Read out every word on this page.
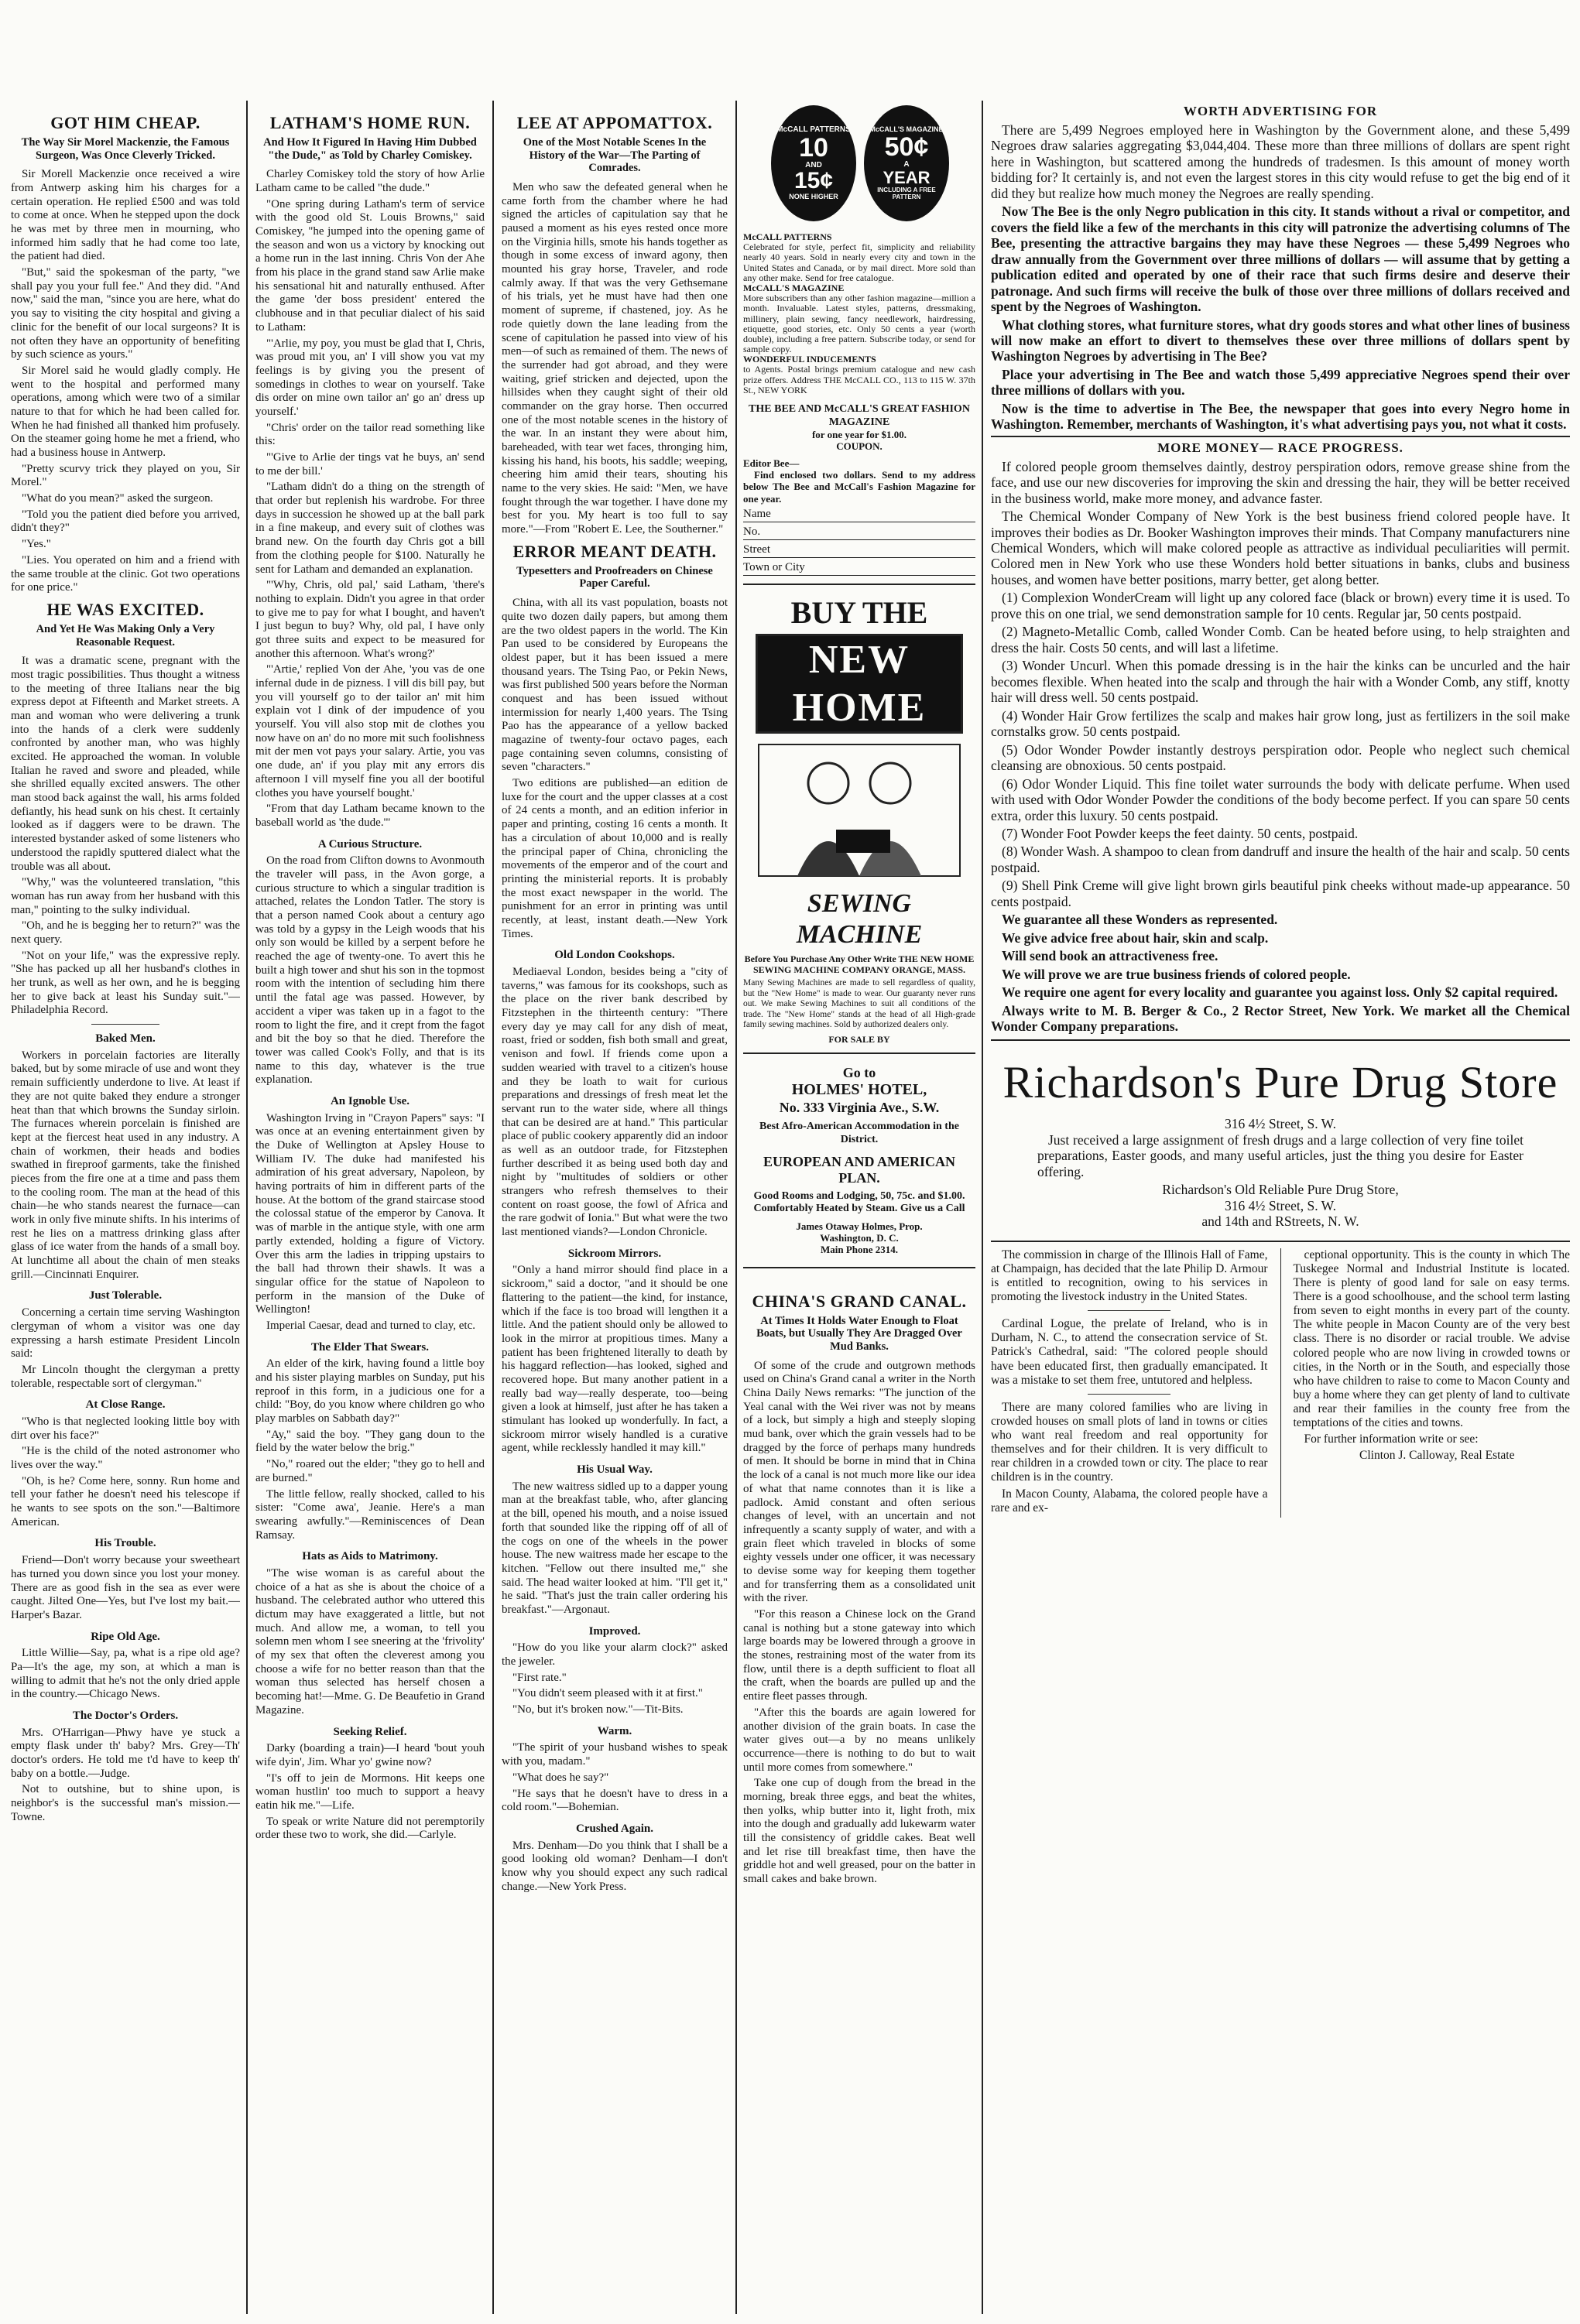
GOT HIM CHEAP.
The Way Sir Morel Mackenzie, the Famous Surgeon, Was Once Cleverly Tricked.

Sir Morell Mackenzie once received a wire from Antwerp asking him his charges for a certain operation. He replied £500 and was told to come at once. When he stepped upon the dock he was met by three men in mourning, who informed him sadly that he had come too late, the patient had died.

"But," said the spokesman of the party, "we shall pay you your full fee." And they did. "And now," said the man, "since you are here, what do you say to visiting the city hospital and giving a clinic for the benefit of our local surgeons? It is not often they have an opportunity of benefiting by such science as yours."

Sir Morel said he would gladly comply. He went to the hospital and performed many operations, among which were two of a similar nature to that for which he had been called for. When he had finished all thanked him profusely. On the steamer going home he met a friend, who had a business house in Antwerp.

"Pretty scurvy trick they played on you, Sir Morel."

"What do you mean?" asked the surgeon.

"Told you the patient died before you arrived, didn't they?"

"Yes."

"Lies. You operated on him and a friend with the same trouble at the clinic. Got two operations for one price."

HE WAS EXCITED.
And Yet He Was Making Only a Very Reasonable Request.

It was a dramatic scene, pregnant with the most tragic possibilities. Thus thought a witness to the meeting of three Italians near the big express depot at Fifteenth and Market streets. A man and woman who were delivering a trunk into the hands of a clerk were suddenly confronted by another man, who was highly excited. He approached the woman. In voluble Italian he raved and swore and pleaded, while she shrilled equally excited answers. The other man stood back against the wall, his arms folded defiantly, his head sunk on his chest. It certainly looked as if daggers were to be drawn. The interested bystander asked of some listeners who understood the rapidly sputtered dialect what the trouble was all about.

"Why," was the volunteered translation, "this woman has run away from her husband with this man," pointing to the sulky individual.

"Oh, and he is begging her to return?" was the next query.

"Not on your life," was the expressive reply. "She has packed up all her husband's clothes in her trunk, as well as her own, and he is begging her to give back at least his Sunday suit."—Philadelphia Record.

Baked Men.

Workers in porcelain factories are literally baked, but by some miracle of use and wont they remain sufficiently underdone to live. At least if they are not quite baked they endure a stronger heat than that which browns the Sunday sirloin. The furnaces wherein porcelain is finished are kept at the fiercest heat used in any industry. A chain of workmen, their heads and bodies swathed in fireproof garments, take the finished pieces from the fire one at a time and pass them to the cooling room. The man at the head of this chain—he who stands nearest the furnace—can work in only five minute shifts. In his interims of rest he lies on a mattress drinking glass after glass of ice water from the hands of a small boy. At lunchtime all about the chain of men steaks grill.—Cincinnati Enquirer.

Just Tolerable.

Concerning a certain time serving Washington clergyman of whom a visitor was one day expressing a harsh estimate President Lincoln said:

Mr Lincoln thought the clergyman a pretty tolerable, respectable sort of clergyman."

At Close Range.

"Who is that neglected looking little boy with dirt over his face?"

"He is the child of the noted astronomer who lives over the way."

"Oh, is he? Come here, sonny. Run home and tell your father he doesn't need his telescope if he wants to see spots on the son."—Baltimore American.

His Trouble.

Friend—Don't worry because your sweetheart has turned you down since you lost your money. There are as good fish in the sea as ever were caught. Jilted One—Yes, but I've lost my bait.—Harper's Bazar.

Ripe Old Age.

Little Willie—Say, pa, what is a ripe old age? Pa—It's the age, my son, at which a man is willing to admit that he's not the only dried apple in the country.—Chicago News.

The Doctor's Orders.

Mrs. O'Harrigan—Phwy have ye stuck a empty flask under th' baby? Mrs. Grey—Th' doctor's orders. He told me t'd have to keep th' baby on a bottle.—Judge.

Not to outshine, but to shine upon, is neighbor's is the successful man's mission.—Towne.

LATHAM'S HOME RUN.
And How It Figured In Having Him Dubbed "the Dude," as Told by Charley Comiskey.

Charley Comiskey told the story of how Arlie Latham came to be called "the dude."

"One spring during Latham's term of service with the good old St. Louis Browns," said Comiskey, "he jumped into the opening game of the season and won us a victory by knocking out a home run in the last inning. Chris Von der Ahe from his place in the grand stand saw Arlie make his sensational hit and naturally enthused. After the game 'der boss president' entered the clubhouse and in that peculiar dialect of his said to Latham:

"'Arlie, my poy, you must be glad that I, Chris, was proud mit you, an' I vill show you vat my feelings is by giving you the present of somedings in clothes to wear on yourself. Take dis order on mine own tailor an' go an' dress up yourself.'

"Chris' order on the tailor read something like this:

"'Give to Arlie der tings vat he buys, an' send to me der bill.'

"Latham didn't do a thing on the strength of that order but replenish his wardrobe. For three days in succession he showed up at the ball park in a fine makeup, and every suit of clothes was brand new. On the fourth day Chris got a bill from the clothing people for $100. Naturally he sent for Latham and demanded an explanation.

"'Why, Chris, old pal,' said Latham, 'there's nothing to explain. Didn't you agree in that order to give me to pay for what I bought, and haven't I just begun to buy? Why, old pal, I have only got three suits and expect to be measured for another this afternoon. What's wrong?'

"'Artie,' replied Von der Ahe, 'you vas de one infernal dude in de pizness. I vill dis bill pay, but you vill yourself go to der tailor an' mit him explain vot I dink of der impudence of you yourself. You vill also stop mit de clothes you now have on an' do no more mit such foolishness mit der men vot pays your salary. Artie, you vas one dude, an' if you play mit any errors dis afternoon I vill myself fine you all der bootiful clothes you have yourself bought.'

"From that day Latham became known to the baseball world as 'the dude.'"

A Curious Structure.

On the road from Clifton downs to Avonmouth the traveler will pass, in the Avon gorge, a curious structure to which a singular tradition is attached, relates the London Tatler. The story is that a person named Cook about a century ago was told by a gypsy in the Leigh woods that his only son would be killed by a serpent before he reached the age of twenty-one. To avert this he built a high tower and shut his son in the topmost room with the intention of secluding him there until the fatal age was passed. However, by accident a viper was taken up in a fagot to the room to light the fire, and it crept from the fagot and bit the boy so that he died. Therefore the tower was called Cook's Folly, and that is its name to this day, whatever is the true explanation.

An Ignoble Use.

Washington Irving in "Crayon Papers" says: "I was once at an evening entertainment given by the Duke of Wellington at Apsley House to William IV. The duke had manifested his admiration of his great adversary, Napoleon, by having portraits of him in different parts of the house. At the bottom of the grand staircase stood the colossal statue of the emperor by Canova. It was of marble in the antique style, with one arm partly extended, holding a figure of Victory. Over this arm the ladies in tripping upstairs to the ball had thrown their shawls. It was a singular office for the statue of Napoleon to perform in the mansion of the Duke of Wellington!

Imperial Caesar, dead and turned to clay, etc.

The Elder That Swears.

An elder of the kirk, having found a little boy and his sister playing marbles on Sunday, put his reproof in this form, in a judicious one for a child: "Boy, do you know where children go who play marbles on Sabbath day?"

"Ay," said the boy. "They gang doun to the field by the water below the brig."

"No," roared out the elder; "they go to hell and are burned."

The little fellow, really shocked, called to his sister: "Come awa', Jeanie. Here's a man swearing awfully."—Reminiscences of Dean Ramsay.

Hats as Aids to Matrimony.

"The wise woman is as careful about the choice of a hat as she is about the choice of a husband. The celebrated author who uttered this dictum may have exaggerated a little, but not much. And allow me, a woman, to tell you solemn men whom I see sneering at the 'frivolity' of my sex that often the cleverest among you choose a wife for no better reason than that the woman thus selected has herself chosen a becoming hat!—Mme. G. De Beaufetio in Grand Magazine.

Seeking Relief.

Darky (boarding a train)—I heard 'bout youh wife dyin', Jim. Whar yo' gwine now?

"I's off to jein de Mormons. Hit keeps one woman hustlin' too much to support a heavy eatin hik me."—Life.

To speak or write Nature did not peremptorily order these two to work, she did.—Carlyle.

LEE AT APPOMATTOX.
One of the Most Notable Scenes In the History of the War—The Parting of Comrades.

Men who saw the defeated general when he came forth from the chamber where he had signed the articles of capitulation say that he paused a moment as his eyes rested once more on the Virginia hills, smote his hands together as though in some excess of inward agony, then mounted his gray horse, Traveler, and rode calmly away. If that was the very Gethsemane of his trials, yet he must have had then one moment of supreme, if chastened, joy. As he rode quietly down the lane leading from the scene of capitulation he passed into view of his men—of such as remained of them. The news of the surrender had got abroad, and they were waiting, grief stricken and dejected, upon the hillsides when they caught sight of their old commander on the gray horse. Then occurred one of the most notable scenes in the history of the war. In an instant they were about him, bareheaded, with tear wet faces, thronging him, kissing his hand, his boots, his saddle; weeping, cheering him amid their tears, shouting his name to the very skies. He said: "Men, we have fought through the war together. I have done my best for you. My heart is too full to say more."—From "Robert E. Lee, the Southerner."

ERROR MEANT DEATH.
Typesetters and Proofreaders on Chinese Paper Careful.

China, with all its vast population, boasts not quite two dozen daily papers, but among them are the two oldest papers in the world. The Kin Pan used to be considered by Europeans the oldest paper, but it has been issued a mere thousand years. The Tsing Pao, or Pekin News, was first published 500 years before the Norman conquest and has been issued without intermission for nearly 1,400 years. The Tsing Pao has the appearance of a yellow backed magazine of twenty-four octavo pages, each page containing seven columns, consisting of seven "characters."

Two editions are published—an edition de luxe for the court and the upper classes at a cost of 24 cents a month, and an edition inferior in paper and printing, costing 16 cents a month. It has a circulation of about 10,000 and is really the principal paper of China, chronicling the movements of the emperor and of the court and printing the ministerial reports. It is probably the most exact newspaper in the world. The punishment for an error in printing was until recently, at least, instant death.—New York Times.

Old London Cookshops.

Mediaeval London, besides being a "city of taverns," was famous for its cookshops, such as the place on the river bank described by Fitzstephen in the thirteenth century: "There every day ye may call for any dish of meat, roast, fried or sodden, fish both small and great, venison and fowl. If friends come upon a sudden wearied with travel to a citizen's house and they be loath to wait for curious preparations and dressings of fresh meat let the servant run to the water side, where all things that can be desired are at hand." This particular place of public cookery apparently did an indoor as well as an outdoor trade, for Fitzstephen further described it as being used both day and night by "multitudes of soldiers or other strangers who refresh themselves to their content on roast goose, the fowl of Africa and the rare godwit of Ionia." But what were the two last mentioned viands?—London Chronicle.

Sickroom Mirrors.

"Only a hand mirror should find place in a sickroom," said a doctor, "and it should be one flattering to the patient—the kind, for instance, which if the face is too broad will lengthen it a little. And the patient should only be allowed to look in the mirror at propitious times. Many a patient has been frightened literally to death by his haggard reflection—has looked, sighed and recovered hope. But many another patient in a really bad way—really desperate, too—being given a look at himself, just after he has taken a stimulant has looked up wonderfully. In fact, a sickroom mirror wisely handled is a curative agent, while recklessly handled it may kill."

His Usual Way.

The new waitress sidled up to a dapper young man at the breakfast table, who, after glancing at the bill, opened his mouth, and a noise issued forth that sounded like the ripping off of all of the cogs on one of the wheels in the power house. The new waitress made her escape to the kitchen. "Fellow out there insulted me," she said. The head waiter looked at him. "I'll get it," he said. "That's just the train caller ordering his breakfast."—Argonaut.

Improved.

"How do you like your alarm clock?" asked the jeweler.

"First rate."

"You didn't seem pleased with it at first."

"No, but it's broken now."—Tit-Bits.

Warm.

"The spirit of your husband wishes to speak with you, madam."

"What does he say?"

"He says that he doesn't have to dress in a cold room."—Bohemian.

Crushed Again.

Mrs. Denham—Do you think that I shall be a good looking old woman? Denham—I don't know why you should expect any such radical change.—New York Press.

McCALL PATTERNS
10
AND
15¢
NONE HIGHER
McCALL'S MAGAZINE
50¢
A
YEAR
INCLUDING A FREE PATTERN
McCALL PATTERNS
Celebrated for style, perfect fit, simplicity and reliability nearly 40 years. Sold in nearly every city and town in the United States and Canada, or by mail direct. More sold than any other make. Send for free catalogue.
McCALL'S MAGAZINE
More subscribers than any other fashion magazine—million a month. Invaluable. Latest styles, patterns, dressmaking, millinery, plain sewing, fancy needlework, hairdressing, etiquette, good stories, etc. Only 50 cents a year (worth double), including a free pattern. Subscribe today, or send for sample copy.
WONDERFUL INDUCEMENTS
to Agents. Postal brings premium catalogue and new cash prize offers. Address THE McCALL CO., 113 to 115 W. 37th St., NEW YORK
THE BEE AND McCALL'S GREAT FASHION MAGAZINE
for one year for $1.00.
COUPON.
Editor Bee—
Find enclosed two dollars. Send to my address below The Bee and McCall's Fashion Magazine for one year.
Name
No.
Street
Town or City
BUY THE
NEW HOME
SEWING MACHINE
Before You Purchase Any Other Write THE NEW HOME SEWING MACHINE COMPANY ORANGE, MASS.
Many Sewing Machines are made to sell regardless of quality, but the "New Home" is made to wear. Our guaranty never runs out. We make Sewing Machines to suit all conditions of the trade. The "New Home" stands at the head of all High-grade family sewing machines. Sold by authorized dealers only.
FOR SALE BY
Go to
HOLMES' HOTEL,
No. 333 Virginia Ave., S.W.
Best Afro-American Accommodation in the District.
EUROPEAN AND AMERICAN PLAN.
Good Rooms and Lodging, 50, 75c. and $1.00. Comfortably Heated by Steam. Give us a Call
James Otaway Holmes, Prop.
Washington, D. C.
Main Phone 2314.
CHINA'S GRAND CANAL.
At Times It Holds Water Enough to Float Boats, but Usually They Are Dragged Over Mud Banks.

Of some of the crude and outgrown methods used on China's Grand canal a writer in the North China Daily News remarks: "The junction of the Yeal canal with the Wei river was not by means of a lock, but simply a high and steeply sloping mud bank, over which the grain vessels had to be dragged by the force of perhaps many hundreds of men. It should be borne in mind that in China the lock of a canal is not much more like our idea of what that name connotes than it is like a padlock. Amid constant and often serious changes of level, with an uncertain and not infrequently a scanty supply of water, and with a grain fleet which traveled in blocks of some eighty vessels under one officer, it was necessary to devise some way for keeping them together and for transferring them as a consolidated unit with the river.

"For this reason a Chinese lock on the Grand canal is nothing but a stone gateway into which large boards may be lowered through a groove in the stones, restraining most of the water from its flow, until there is a depth sufficient to float all the craft, when the boards are pulled up and the entire fleet passes through.

"After this the boards are again lowered for another division of the grain boats. In case the water gives out—a by no means unlikely occurrence—there is nothing to do but to wait until more comes from somewhere."

Take one cup of dough from the bread in the morning, break three eggs, and beat the whites, then yolks, whip butter into it, light froth, mix into the dough and gradually add lukewarm water till the consistency of griddle cakes. Beat well and let rise till breakfast time, then have the griddle hot and well greased, pour on the batter in small cakes and bake brown.

WORTH ADVERTISING FOR

There are 5,499 Negroes employed here in Washington by the Government alone, and these 5,499 Negroes draw salaries aggregating $3,044,404. These more than three millions of dollars are spent right here in Washington, but scattered among the hundreds of tradesmen. Is this amount of money worth bidding for? It certainly is, and not even the largest stores in this city would refuse to get the big end of it did they but realize how much money the Negroes are really spending.

Now The Bee is the only Negro publication in this city. It stands without a rival or competitor, and covers the field like a few of the merchants in this city will patronize the advertising columns of The Bee, presenting the attractive bargains they may have these Negroes — these 5,499 Negroes who draw annually from the Government over three millions of dollars — will assume that by getting a publication edited and operated by one of their race that such firms desire and deserve their patronage. And such firms will receive the bulk of those over three millions of dollars received and spent by the Negroes of Washington.

What clothing stores, what furniture stores, what dry goods stores and what other lines of business will now make an effort to divert to themselves these over three millions of dollars spent by Washington Negroes by advertising in The Bee?

Place your advertising in The Bee and watch those 5,499 appreciative Negroes spend their over three millions of dollars with you.

Now is the time to advertise in The Bee, the newspaper that goes into every Negro home in Washington. Remember, merchants of Washington, it's what advertising pays you, not what it costs.

MORE MONEY— RACE PROGRESS.

If colored people groom themselves daintly, destroy perspiration odors, remove grease shine from the face, and use our new discoveries for improving the skin and dressing the hair, they will be better received in the business world, make more money, and advance faster.

The Chemical Wonder Company of New York is the best business friend colored people have. It improves their bodies as Dr. Booker Washington improves their minds. That Company manufacturers nine Chemical Wonders, which will make colored people as attractive as individual peculiarities will permit. Colored men in New York who use these Wonders hold better situations in banks, clubs and business houses, and women have better positions, marry better, get along better.

(1) Complexion WonderCream will light up any colored face (black or brown) every time it is used. To prove this on one trial, we send demonstration sample for 10 cents. Regular jar, 50 cents postpaid.

(2) Magneto-Metallic Comb, called Wonder Comb. Can be heated before using, to help straighten and dress the hair. Costs 50 cents, and will last a lifetime.

(3) Wonder Uncurl. When this pomade dressing is in the hair the kinks can be uncurled and the hair becomes flexible. When heated into the scalp and through the hair with a Wonder Comb, any stiff, knotty hair will dress well. 50 cents postpaid.

(4) Wonder Hair Grow fertilizes the scalp and makes hair grow long, just as fertilizers in the soil make cornstalks grow. 50 cents postpaid.

(5) Odor Wonder Powder instantly destroys perspiration odor. People who neglect such chemical cleansing are obnoxious. 50 cents postpaid.

(6) Odor Wonder Liquid. This fine toilet water surrounds the body with delicate perfume. When used with used with Odor Wonder Powder the conditions of the body become perfect. If you can spare 50 cents extra, order this luxury. 50 cents postpaid.

(7) Wonder Foot Powder keeps the feet dainty. 50 cents, postpaid.

(8) Wonder Wash. A shampoo to clean from dandruff and insure the health of the hair and scalp. 50 cents postpaid.

(9) Shell Pink Creme will give light brown girls beautiful pink cheeks without made-up appearance. 50 cents postpaid.

We guarantee all these Wonders as represented.

We give advice free about hair, skin and scalp.

Will send book an attractiveness free.

We will prove we are true business friends of colored people.

We require one agent for every locality and guarantee you against loss. Only $2 capital required.

Always write to M. B. Berger & Co., 2 Rector Street, New York. We market all the Chemical Wonder Company preparations.

Richardson's Pure Drug Store
316 4½ Street, S. W.

Just received a large assignment of fresh drugs and a large collection of very fine toilet preparations, Easter goods, and many useful articles, just the thing you desire for Easter offering.

Richardson's Old Reliable Pure Drug Store,
316 4½ Street, S. W.
and 14th and RStreets, N. W.

The commission in charge of the Illinois Hall of Fame, at Champaign, has decided that the late Philip D. Armour is entitled to recognition, owing to his services in promoting the livestock industry in the United States.

Cardinal Logue, the prelate of Ireland, who is in Durham, N. C., to attend the consecration service of St. Patrick's Cathedral, said: "The colored people should have been educated first, then gradually emancipated. It was a mistake to set them free, untutored and helpless.

There are many colored families who are living in crowded houses on small plots of land in towns or cities who want real freedom and real opportunity for themselves and for their children. It is very difficult to rear children in a crowded town or city. The place to rear children is in the country.

In Macon County, Alabama, the colored people have a rare and ex-

ceptional opportunity. This is the county in which The Tuskegee Normal and Industrial Institute is located. There is plenty of good land for sale on easy terms. There is a good schoolhouse, and the school term lasting from seven to eight months in every part of the county. The white people in Macon County are of the very best class. There is no disorder or racial trouble. We advise colored people who are now living in crowded towns or cities, in the North or in the South, and especially those who have children to raise to come to Macon County and buy a home where they can get plenty of land to cultivate and rear their families in the county free from the temptations of the cities and towns.

For further information write or see:

Clinton J. Calloway, Real Estate
